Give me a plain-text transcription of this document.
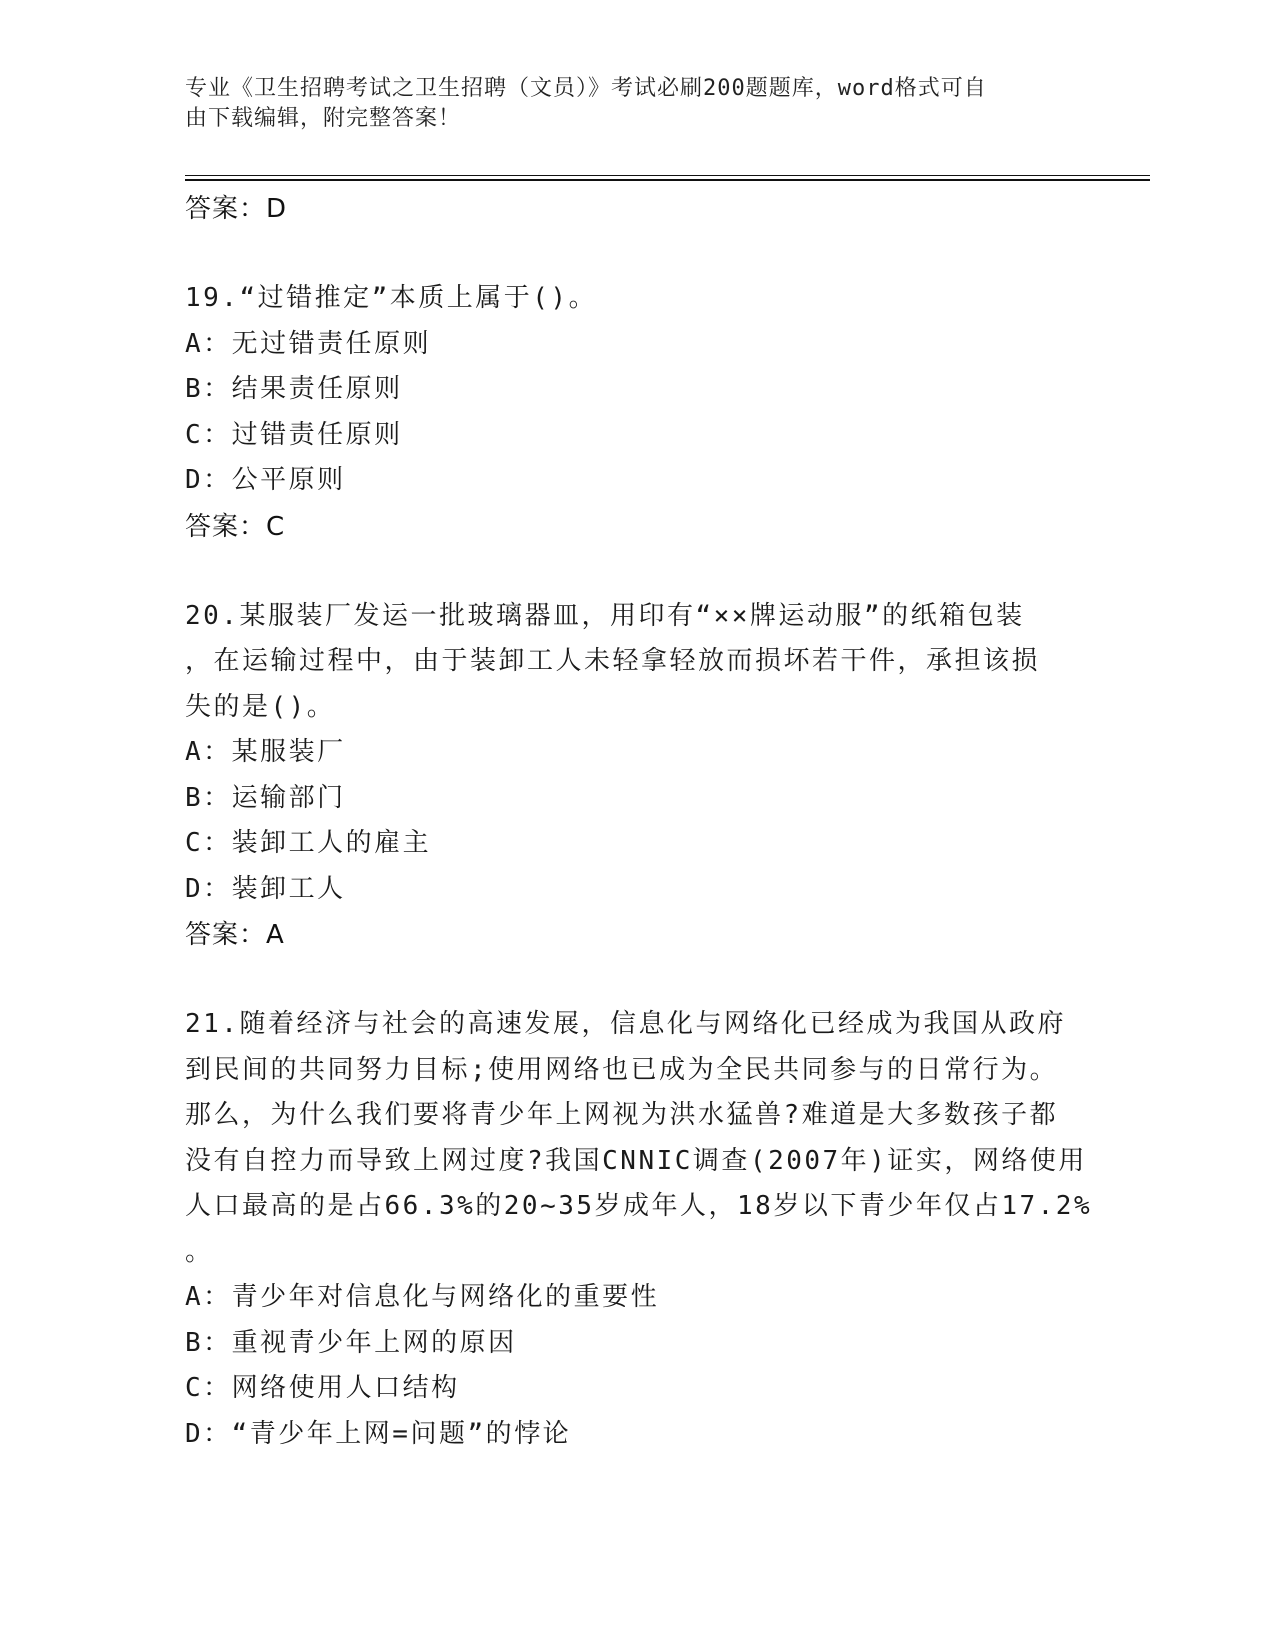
专业《卫生招聘考试之卫生招聘（文员）》考试必刷200题题库，word格式可自
由下载编辑，附完整答案！
答案：D
19.“过错推定”本质上属于()。
A：无过错责任原则
B：结果责任原则
C：过错责任原则
D：公平原则
答案：C
20.某服装厂发运一批玻璃器皿，用印有“××牌运动服”的纸箱包装
，在运输过程中，由于装卸工人未轻拿轻放而损坏若干件，承担该损
失的是()。
A：某服装厂
B：运输部门
C：装卸工人的雇主
D：装卸工人
答案：A
21.随着经济与社会的高速发展，信息化与网络化已经成为我国从政府
到民间的共同努力目标;使用网络也已成为全民共同参与的日常行为。
那么，为什么我们要将青少年上网视为洪水猛兽?难道是大多数孩子都
没有自控力而导致上网过度?我国CNNIC调查(2007年)证实，网络使用
人口最高的是占66.3%的20~35岁成年人，18岁以下青少年仅占17.2%
。
A：青少年对信息化与网络化的重要性
B：重视青少年上网的原因
C：网络使用人口结构
D：“青少年上网=问题”的悖论
